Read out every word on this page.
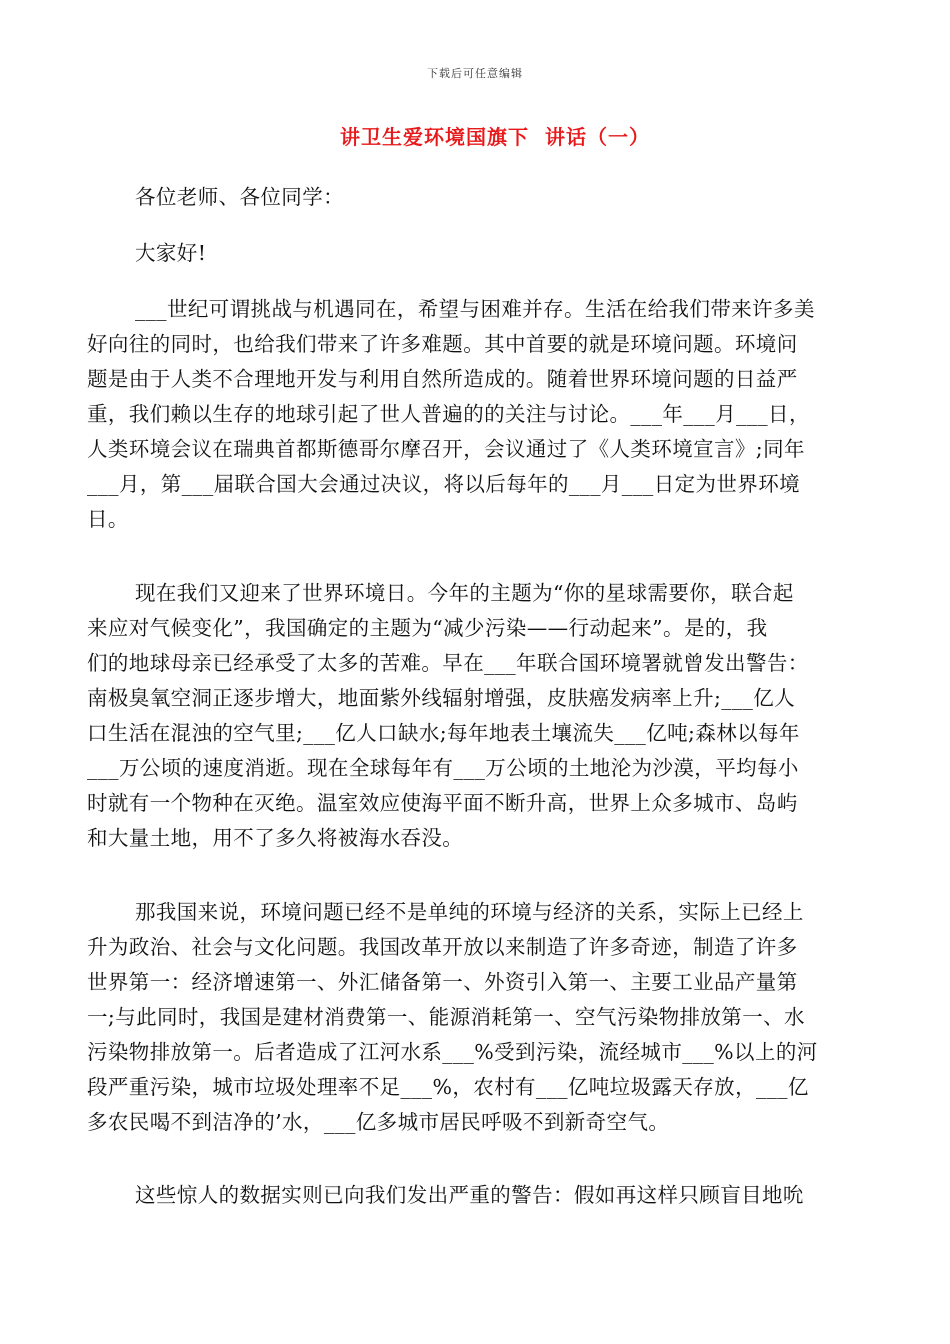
下载后可任意编辑
讲卫生爱环境国旗下  讲话（一）
各位老师、各位同学：
大家好!
___世纪可谓挑战与机遇同在，希望与困难并存。生活在给我们带来许多美
好向往的同时，也给我们带来了许多难题。其中首要的就是环境问题。环境问
题是由于人类不合理地开发与利用自然所造成的。随着世界环境问题的日益严
重，我们赖以生存的地球引起了世人普遍的的关注与讨论。___年___月___日，
人类环境会议在瑞典首都斯德哥尔摩召开，会议通过了《人类环境宣言》;同年
___月，第___届联合国大会通过决议，将以后每年的___月___日定为世界环境
日。
现在我们又迎来了世界环境日。今年的主题为“你的星球需要你，联合起
来应对气候变化”，我国确定的主题为“减少污染——行动起来”。是的，我
们的地球母亲已经承受了太多的苦难。早在___年联合国环境署就曾发出警告：
南极臭氧空洞正逐步增大，地面紫外线辐射增强，皮肤癌发病率上升;___亿人
口生活在混浊的空气里;___亿人口缺水;每年地表土壤流失___亿吨;森林以每年
___万公顷的速度消逝。现在全球每年有___万公顷的土地沦为沙漠，平均每小
时就有一个物种在灭绝。温室效应使海平面不断升高，世界上众多城市、岛屿
和大量土地，用不了多久将被海水吞没。
那我国来说，环境问题已经不是单纯的环境与经济的关系，实际上已经上
升为政治、社会与文化问题。我国改革开放以来制造了许多奇迹，制造了许多
世界第一：经济增速第一、外汇储备第一、外资引入第一、主要工业品产量第
一;与此同时，我国是建材消费第一、能源消耗第一、空气污染物排放第一、水
污染物排放第一。后者造成了江河水系___%受到污染，流经城市___%以上的河
段严重污染，城市垃圾处理率不足___%，农村有___亿吨垃圾露天存放，___亿
多农民喝不到洁净的’水，___亿多城市居民呼吸不到新奇空气。
这些惊人的数据实则已向我们发出严重的警告：假如再这样只顾盲目地吮
